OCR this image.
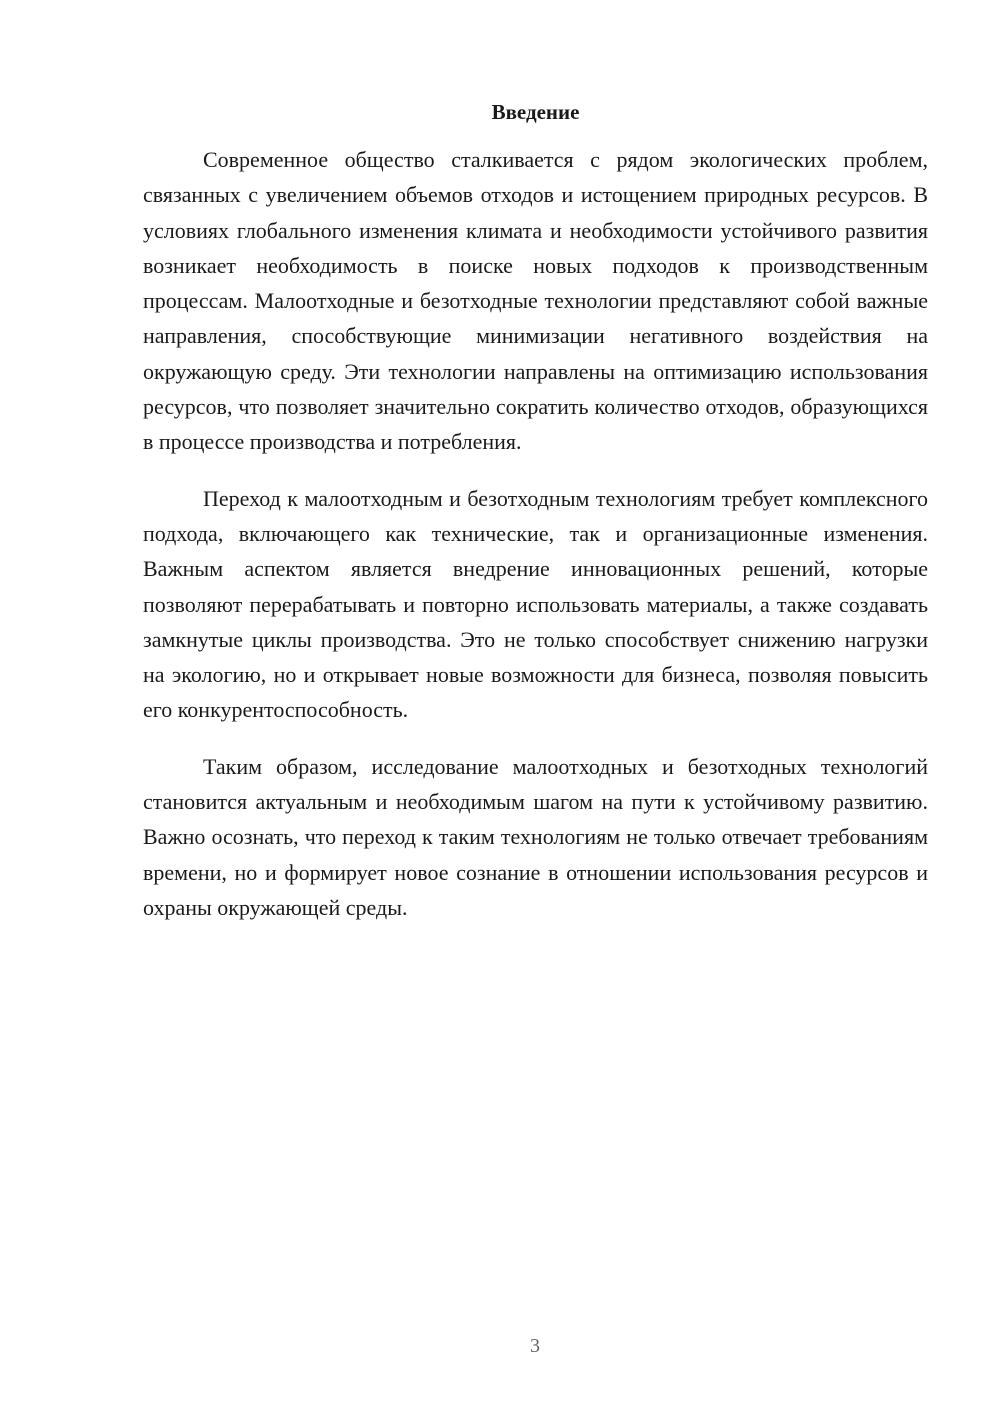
Введение

Современное общество сталкивается с рядом экологических проблем, связанных с увеличением объемов отходов и истощением природных ресурсов. В условиях глобального изменения климата и необходимости устойчивого развития возникает необходимость в поиске новых подходов к производственным процессам. Малоотходные и безотходные технологии представляют собой важные направления, способствующие минимизации негативного воздействия на окружающую среду. Эти технологии направлены на оптимизацию использования ресурсов, что позволяет значительно сократить количество отходов, образующихся в процессе производства и потребления.

Переход к малоотходным и безотходным технологиям требует комплексного подхода, включающего как технические, так и организационные изменения. Важным аспектом является внедрение инновационных решений, которые позволяют перерабатывать и повторно использовать материалы, а также создавать замкнутые циклы производства. Это не только способствует снижению нагрузки на экологию, но и открывает новые возможности для бизнеса, позволяя повысить его конкурентоспособность.

Таким образом, исследование малоотходных и безотходных технологий становится актуальным и необходимым шагом на пути к устойчивому развитию. Важно осознать, что переход к таким технологиям не только отвечает требованиям времени, но и формирует новое сознание в отношении использования ресурсов и охраны окружающей среды.

3
